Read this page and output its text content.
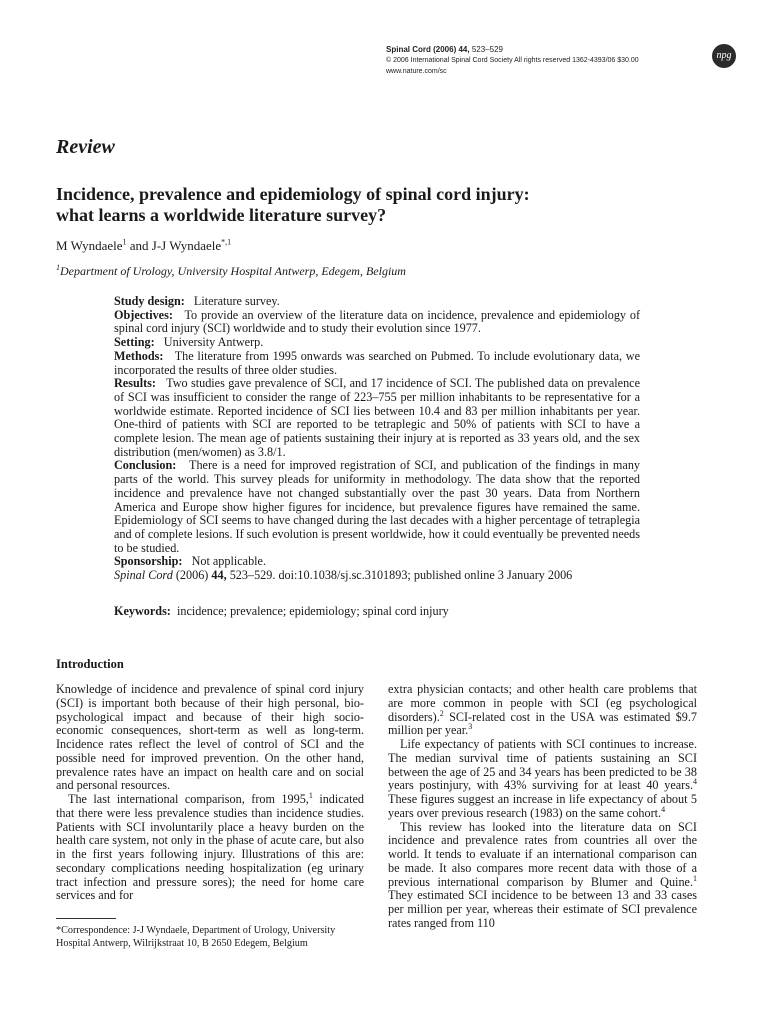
Spinal Cord (2006) 44, 523–529
© 2006 International Spinal Cord Society All rights reserved 1362-4393/06 $30.00
www.nature.com/sc
npg
Review
Incidence, prevalence and epidemiology of spinal cord injury:
what learns a worldwide literature survey?
M Wyndaele$^1$ and J-J Wyndaele$^{*,1}$
$^1$Department of Urology, University Hospital Antwerp, Edegem, Belgium

Study design: Literature survey.

Objectives: To provide an overview of the literature data on incidence, prevalence and epidemiology of spinal cord injury (SCI) worldwide and to study their evolution since 1977.

Setting: University Antwerp.

Methods: The literature from 1995 onwards was searched on Pubmed. To include evolutionary data, we incorporated the results of three older studies.

Results: Two studies gave prevalence of SCI, and 17 incidence of SCI. The published data on prevalence of SCI was insufficient to consider the range of 223–755 per million inhabitants to be representative for a worldwide estimate. Reported incidence of SCI lies between 10.4 and 83 per million inhabitants per year. One-third of patients with SCI are reported to be tetraplegic and 50% of patients with SCI to have a complete lesion. The mean age of patients sustaining their injury at is reported as 33 years old, and the sex distribution (men/women) as 3.8/1.

Conclusion: There is a need for improved registration of SCI, and publication of the findings in many parts of the world. This survey pleads for uniformity in methodology. The data show that the reported incidence and prevalence have not changed substantially over the past 30 years. Data from Northern America and Europe show higher figures for incidence, but prevalence figures have remained the same. Epidemiology of SCI seems to have changed during the last decades with a higher percentage of tetraplegia and of complete lesions. If such evolution is present worldwide, how it could eventually be prevented needs to be studied.

Sponsorship: Not applicable.

Spinal Cord (2006) 44, 523–529. doi:10.1038/sj.sc.3101893; published online 3 January 2006

Keywords: incidence; prevalence; epidemiology; spinal cord injury
Introduction

Knowledge of incidence and prevalence of spinal cord injury (SCI) is important both because of their high personal, bio-psychological impact and because of their high socio-economic consequences, short-term as well as long-term. Incidence rates reflect the level of control of SCI and the possible need for improved prevention. On the other hand, prevalence rates have an impact on health care and on social and personal resources.

The last international comparison, from 1995,$^1$ indicated that there were less prevalence studies than incidence studies. Patients with SCI involuntarily place a heavy burden on the health care system, not only in the phase of acute care, but also in the first years following injury. Illustrations of this are: secondary complications needing hospitalization (eg urinary tract infection and pressure sores); the need for home care services and for

extra physician contacts; and other health care problems that are more common in people with SCI (eg psychological disorders).$^2$ SCI-related cost in the USA was estimated $9.7 million per year.$^3$

Life expectancy of patients with SCI continues to increase. The median survival time of patients sustaining an SCI between the age of 25 and 34 years has been predicted to be 38 years postinjury, with 43% surviving for at least 40 years.$^4$ These figures suggest an increase in life expectancy of about 5 years over previous research (1983) on the same cohort.$^4$

This review has looked into the literature data on SCI incidence and prevalence rates from countries all over the world. It tends to evaluate if an international comparison can be made. It also compares more recent data with those of a previous international comparison by Blumer and Quine.$^1$ They estimated SCI incidence to be between 13 and 33 cases per million per year, whereas their estimate of SCI prevalence rates ranged from 110

*Correspondence: J-J Wyndaele, Department of Urology, University Hospital Antwerp, Wilrijkstraat 10, B 2650 Edegem, Belgium
